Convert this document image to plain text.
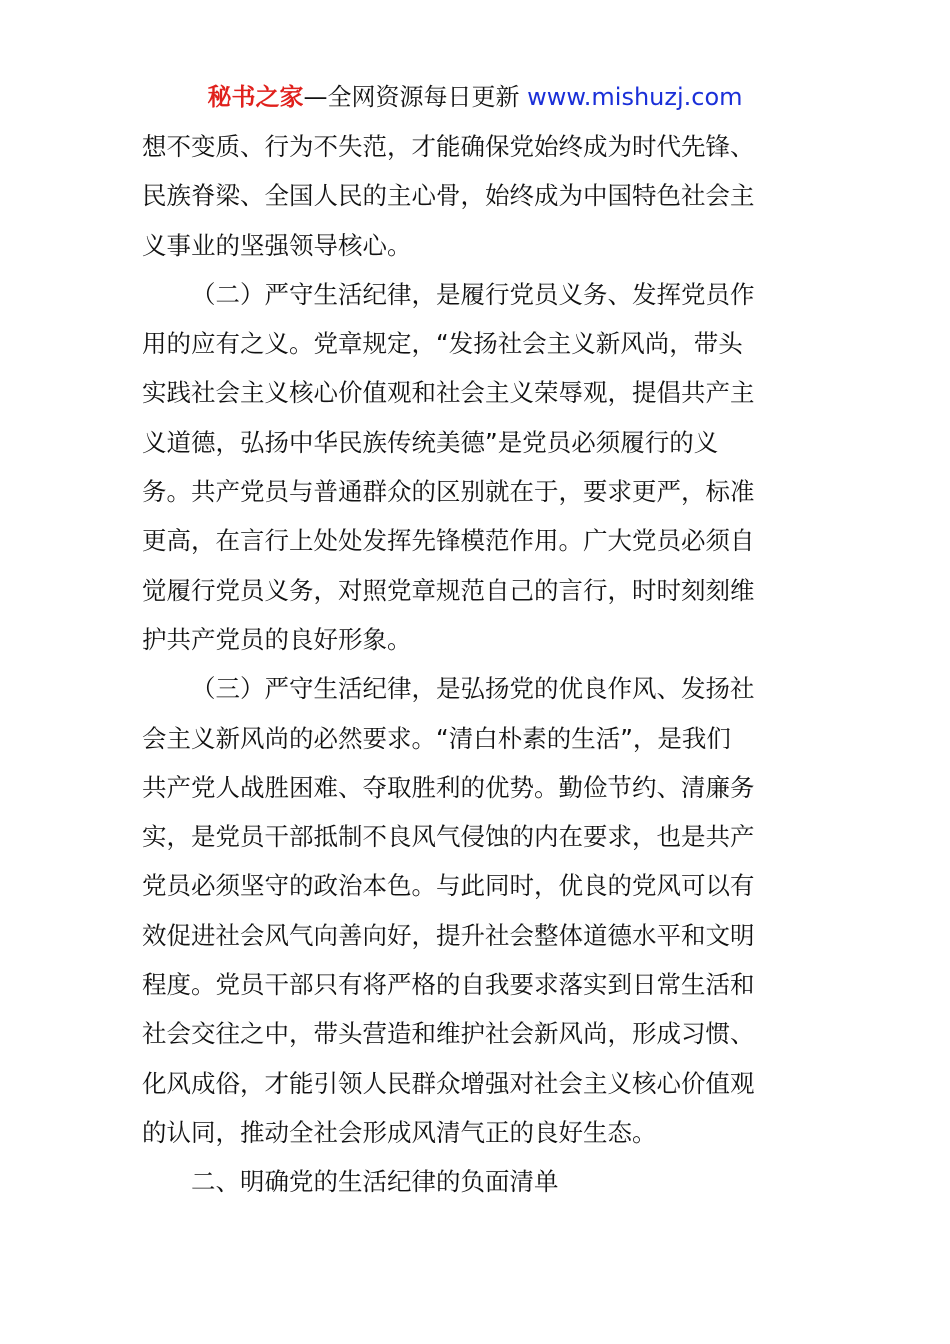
秘书之家—全网资源每日更新 www.mishuzj.com
想不变质、行为不失范，才能确保党始终成为时代先锋、
民族脊梁、全国人民的主心骨，始终成为中国特色社会主
义事业的坚强领导核心。
（二）严守生活纪律，是履行党员义务、发挥党员作
用的应有之义。党章规定，“发扬社会主义新风尚，带头
实践社会主义核心价值观和社会主义荣辱观，提倡共产主
义道德，弘扬中华民族传统美德”是党员必须履行的义
务。共产党员与普通群众的区别就在于，要求更严，标准
更高，在言行上处处发挥先锋模范作用。广大党员必须自
觉履行党员义务，对照党章规范自己的言行，时时刻刻维
护共产党员的良好形象。
（三）严守生活纪律，是弘扬党的优良作风、发扬社
会主义新风尚的必然要求。“清白朴素的生活”，是我们
共产党人战胜困难、夺取胜利的优势。勤俭节约、清廉务
实，是党员干部抵制不良风气侵蚀的内在要求，也是共产
党员必须坚守的政治本色。与此同时，优良的党风可以有
效促进社会风气向善向好，提升社会整体道德水平和文明
程度。党员干部只有将严格的自我要求落实到日常生活和
社会交往之中，带头营造和维护社会新风尚，形成习惯、
化风成俗，才能引领人民群众增强对社会主义核心价值观
的认同，推动全社会形成风清气正的良好生态。
二、明确党的生活纪律的负面清单
